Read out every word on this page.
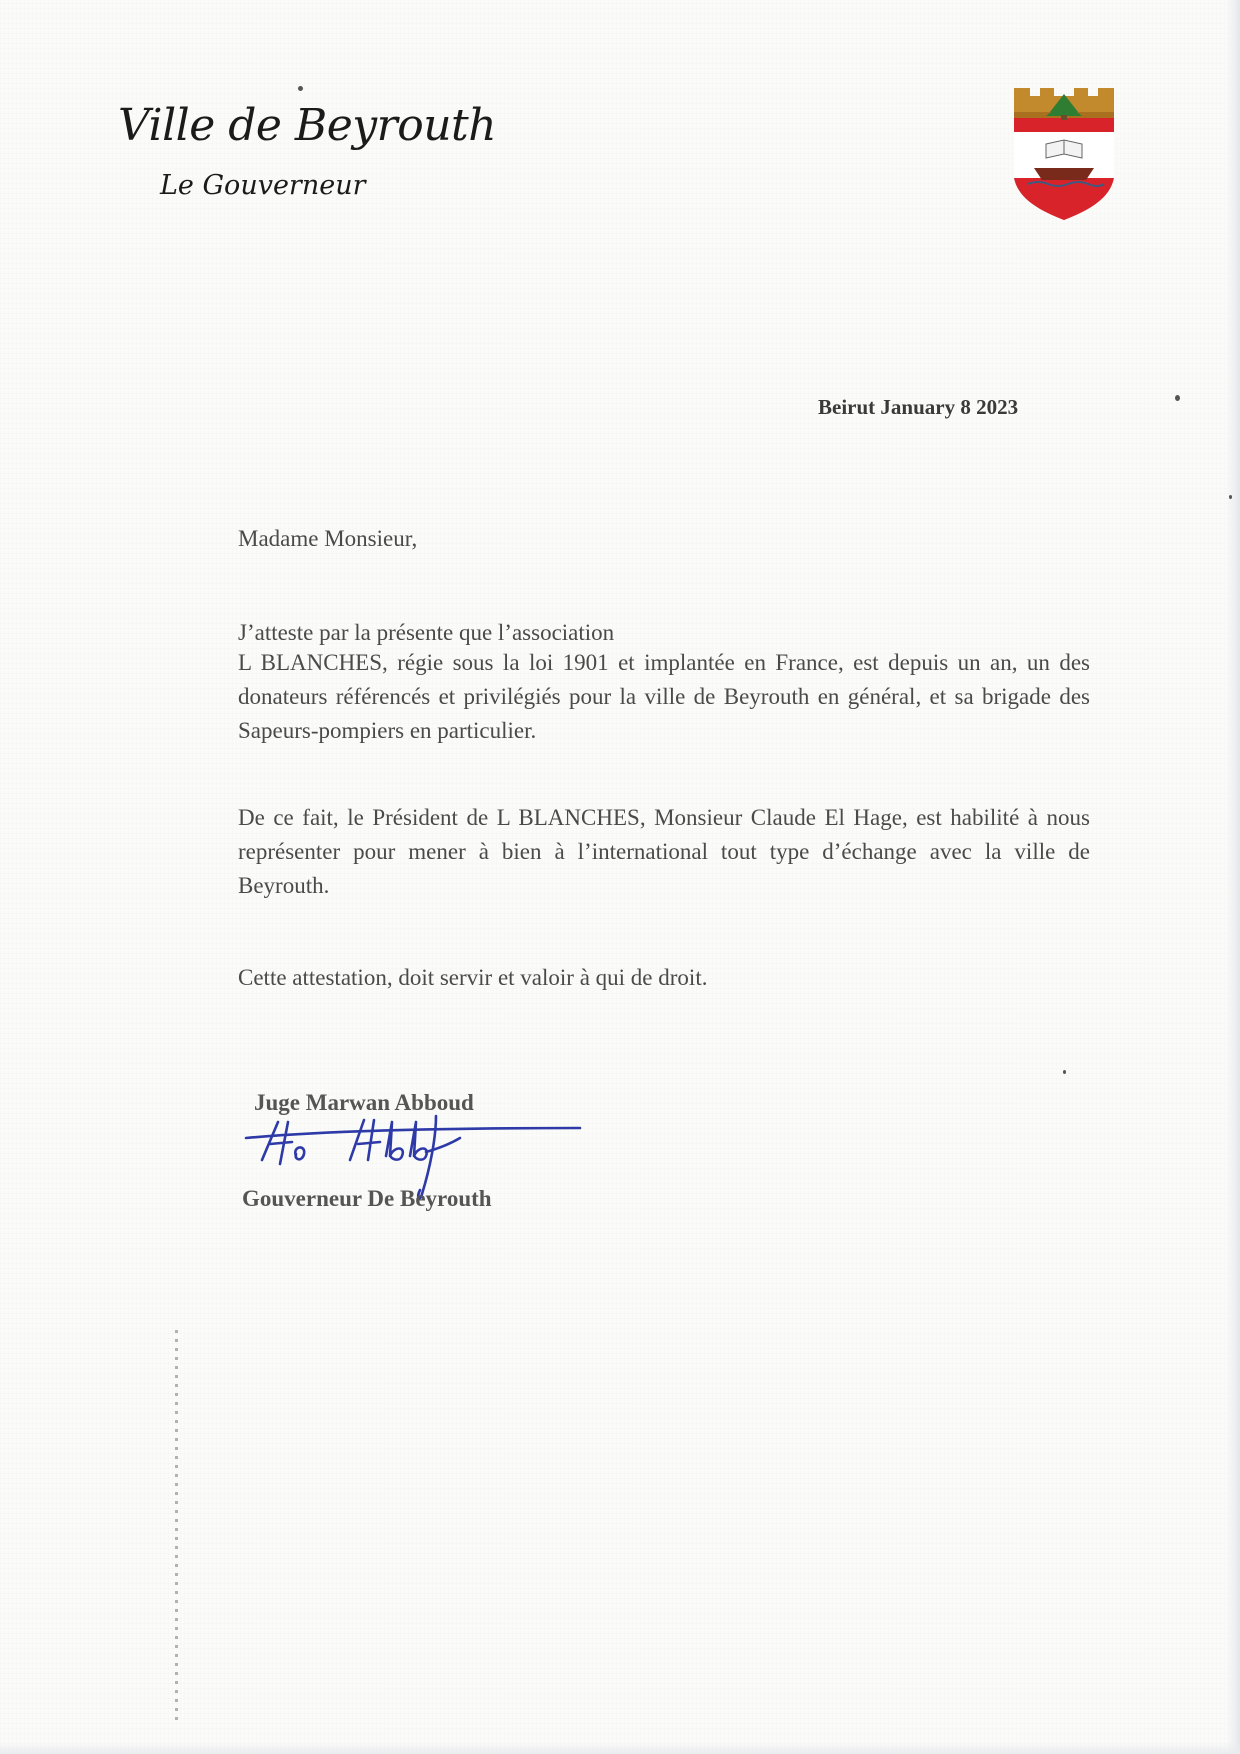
Ville de Beyrouth
Le Gouverneur
Beirut January 8 2023
Madame Monsieur,
J’atteste par la présente que l’association
L BLANCHES, régie sous la loi 1901 et implantée en France, est depuis un an, un des donateurs référencés et privilégiés pour la ville de Beyrouth en général, et sa brigade des Sapeurs-pompiers en particulier.
De ce fait, le Président de L BLANCHES, Monsieur Claude El Hage, est habilité à nous représenter pour mener à bien à l’international tout type d’échange avec la ville de Beyrouth.
Cette attestation, doit servir et valoir à qui de droit.
Juge Marwan Abboud
Gouverneur De Beyrouth
